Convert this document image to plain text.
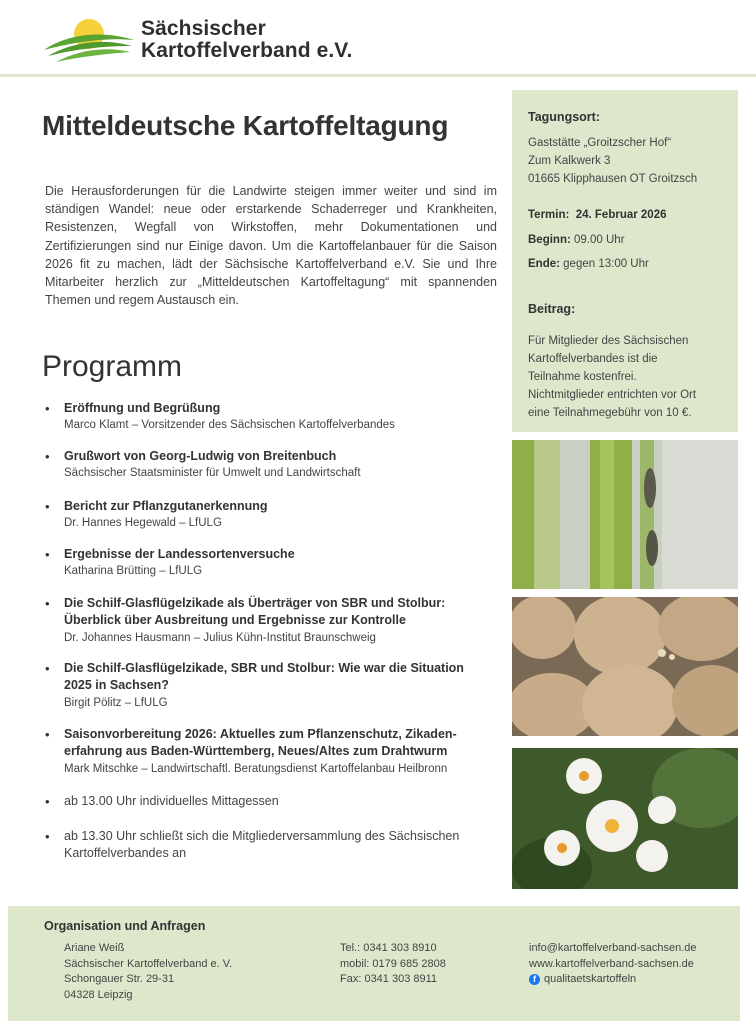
Sächsischer
Kartoffelverband e.V.
Mitteldeutsche Kartoffeltagung

Die Herausforderungen für die Landwirte steigen immer weiter und sind im ständigen Wandel: neue oder erstarkende Schaderreger und Krankheiten, Resistenzen, Wegfall von Wirkstoffen, mehr Dokumentationen und Zertifizierungen sind nur Einige davon. Um die Kartoffelanbauer für die Saison 2026 fit zu machen, lädt der Sächsische Kartoffelverband e.V. Sie und Ihre Mitarbeiter herzlich zur „Mitteldeutschen Kartoffeltagung“ mit spannenden Themen und regem Austausch ein.

Programm
• Eröffnung und Begrüßung
Marco Klamt – Vorsitzender des Sächsischen Kartoffelverbandes
• Grußwort von Georg-Ludwig von Breitenbuch
Sächsischer Staatsminister für Umwelt und Landwirtschaft
• Bericht zur Pflanzgutanerkennung
Dr. Hannes Hegewald – LfULG
• Ergebnisse der Landessortenversuche
Katharina Brütting – LfULG
• Die Schilf-Glasflügelzikade als Überträger von SBR und Stolbur:
Überblick über Ausbreitung und Ergebnisse zur Kontrolle
Dr. Johannes Hausmann – Julius Kühn-Institut Braunschweig
• Die Schilf-Glasflügelzikade, SBR und Stolbur: Wie war die Situation
2025 in Sachsen?
Birgit Pölitz – LfULG
• Saisonvorbereitung 2026: Aktuelles zum Pflanzenschutz, Zikaden-
erfahrung aus Baden-Württemberg, Neues/Altes zum Drahtwurm
Mark Mitschke – Landwirtschaftl. Beratungsdienst Kartoffelanbau Heilbronn
• ab 13.00 Uhr individuelles Mittagessen
• ab 13.30 Uhr schließt sich die Mitgliederversammlung des Sächsischen
Kartoffelverbandes an
Tagungsort:
Gaststätte „Groitzscher Hof“
Zum Kalkwerk 3
01665 Klipphausen OT Groitzsch
Termin: 24. Februar 2026
Beginn: 09.00 Uhr
Ende: gegen 13:00 Uhr
Beitrag:
Für Mitglieder des Sächsischen
Kartoffelverbandes ist die
Teilnahme kostenfrei.
Nichtmitglieder entrichten vor Ort
eine Teilnahmegebühr von 10 €.
Organisation und Anfragen
Ariane Weiß
Sächsischer Kartoffelverband e. V.
Schongauer Str. 29-31
04328 Leipzig
Tel.: 0341 303 8910
mobil: 0179 685 2808
Fax: 0341 303 8911
info@kartoffelverband-sachsen.de
www.kartoffelverband-sachsen.de
f qualitaetskartoffeln
